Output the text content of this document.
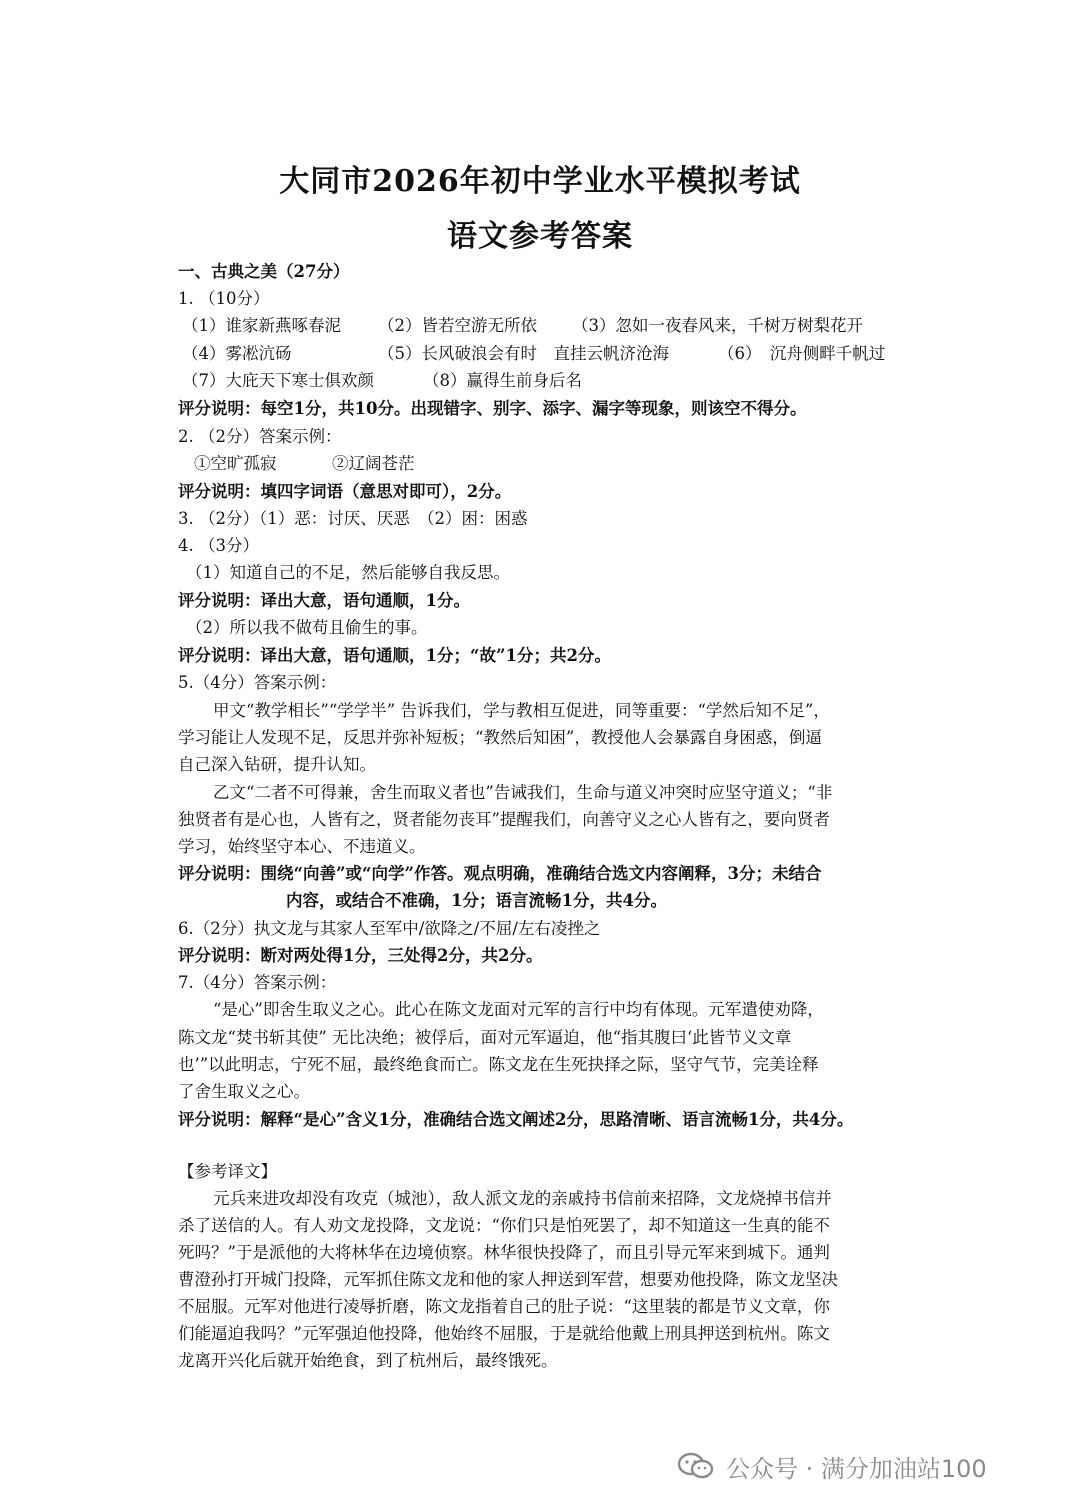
大同市2026年初中学业水平模拟考试
语文参考答案

一、古典之美（27分）

1. （10分）

（1）谁家新燕啄春泥 （2）皆若空游无所依 （3）忽如一夜春风来，千树万树梨花开
（4）雾凇沆砀	（5）长风破浪会有时　直挂云帆济沧海	（6）　沉舟侧畔千帆过
（7）大庇天下寒士俱欢颜	（8）赢得生前身后名

评分说明：每空1分，共10分。出现错字、别字、添字、漏字等现象，则该空不得分。

2. （2分）答案示例：

①空旷孤寂	②辽阔苍茫

评分说明：填四字词语（意思对即可），2分。

3. （2分）（1）恶：讨厌、厌恶　（2）困：困惑

4. （3分）

（1）知道自己的不足，然后能够自我反思。

评分说明：译出大意，语句通顺，1分。

（2）所以我不做苟且偷生的事。

评分说明：译出大意，语句通顺，1分；“故”1分；共2分。

5.（4分）答案示例：

甲文“教学相长”“学学半” 告诉我们，学与教相互促进，同等重要：“学然后知不足”，

学习能让人发现不足，反思并弥补短板；“教然后知困”，教授他人会暴露自身困惑，倒逼

自己深入钻研，提升认知。

乙文“二者不可得兼，舍生而取义者也”告诫我们，生命与道义冲突时应坚守道义；“非

独贤者有是心也，人皆有之，贤者能勿丧耳”提醒我们，向善守义之心人皆有之，要向贤者

学习，始终坚守本心、不违道义。

评分说明：围绕“向善”或“向学”作答。观点明确，准确结合选文内容阐释，3分；未结合

内容，或结合不准确，1分；语言流畅1分，共4分。

6.（2分）执文龙与其家人至军中/欲降之/不屈/左右凌挫之

评分说明：断对两处得1分，三处得2分，共2分。

7.（4分）答案示例：

“是心”即舍生取义之心。此心在陈文龙面对元军的言行中均有体现。元军遣使劝降，

陈文龙“焚书斩其使” 无比决绝；被俘后，面对元军逼迫，他“指其腹曰‘此皆节义文章

也’”以此明志，宁死不屈，最终绝食而亡。陈文龙在生死抉择之际，坚守气节，完美诠释

了舍生取义之心。

评分说明：解释“是心”含义1分，准确结合选文阐述2分，思路清晰、语言流畅1分，共4分。

【参考译文】

元兵来进攻却没有攻克（城池），敌人派文龙的亲戚持书信前来招降，文龙烧掉书信并

杀了送信的人。有人劝文龙投降，文龙说：“你们只是怕死罢了，却不知道这一生真的能不

死吗？”于是派他的大将林华在边境侦察。林华很快投降了，而且引导元军来到城下。通判

曹澄孙打开城门投降，元军抓住陈文龙和他的家人押送到军营，想要劝他投降，陈文龙坚决

不屈服。元军对他进行凌辱折磨，陈文龙指着自己的肚子说：“这里装的都是节义文章，你

们能逼迫我吗？”元军强迫他投降，他始终不屈服，于是就给他戴上刑具押送到杭州。陈文

龙离开兴化后就开始绝食，到了杭州后，最终饿死。

公众号 · 满分加油站100
